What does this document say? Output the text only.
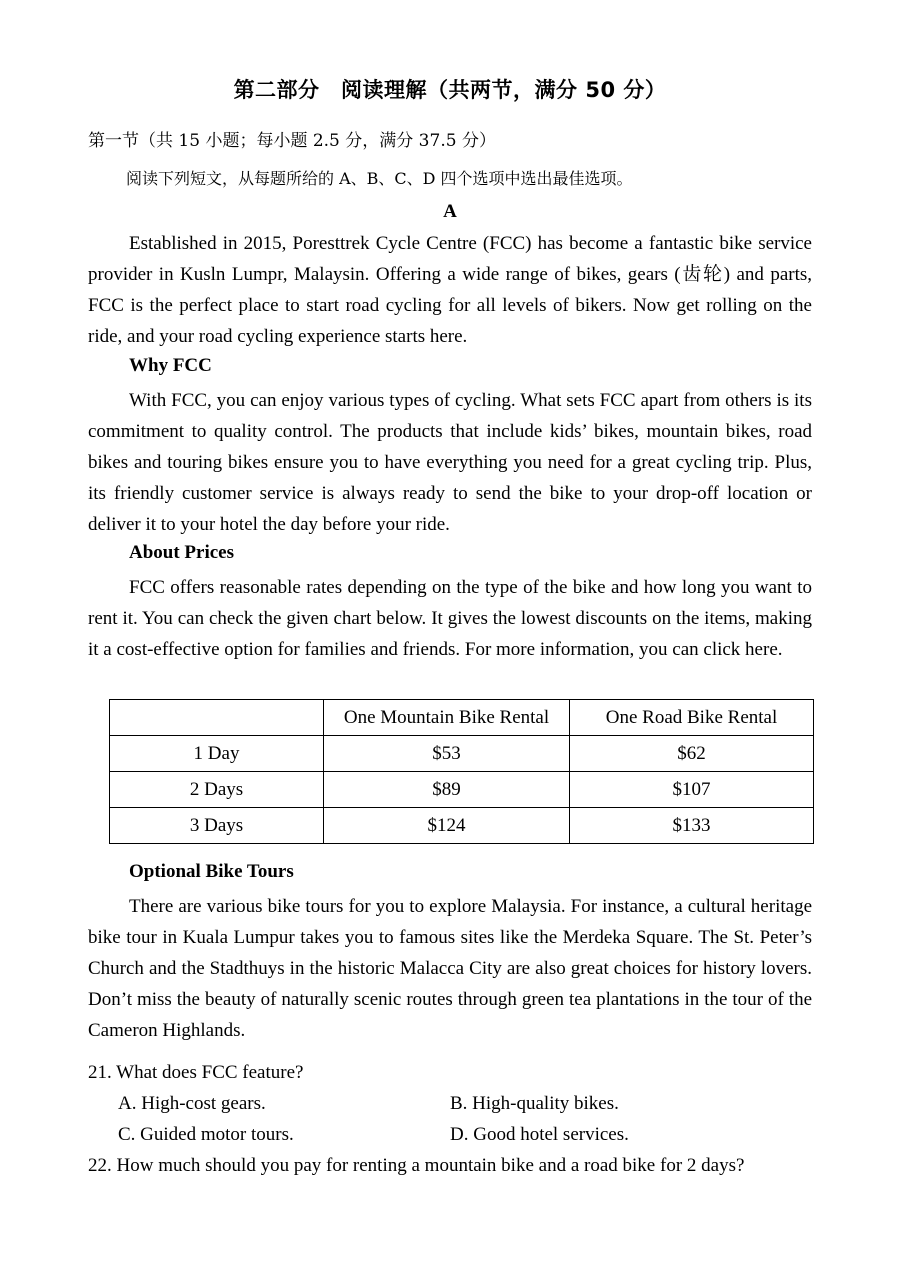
第二部分　阅读理解（共两节，满分 50 分）
第一节（共 15 小题；每小题 2.5 分，满分 37.5 分）
阅读下列短文，从每题所给的 A、B、C、D 四个选项中选出最佳选项。
A

Established in 2015, Poresttrek Cycle Centre (FCC) has become a fantastic bike service provider in Kusln Lumpr, Malaysin. Offering a wide range of bikes, gears (齿轮) and parts, FCC is the perfect place to start road cycling for all levels of bikers. Now get rolling on the ride, and your road cycling experience starts here.

Why FCC

With FCC, you can enjoy various types of cycling. What sets FCC apart from others is its commitment to quality control. The products that include kids’ bikes, mountain bikes, road bikes and touring bikes ensure you to have everything you need for a great cycling trip. Plus, its friendly customer service is always ready to send the bike to your drop-off location or deliver it to your hotel the day before your ride.

About Prices

FCC offers reasonable rates depending on the type of the bike and how long you want to rent it. You can check the given chart below. It gives the lowest discounts on the items, making it a cost-effective option for families and friends. For more information, you can click here.

	One Mountain Bike Rental	One Road Bike Rental
1 Day	$53	$62
2 Days	$89	$107
3 Days	$124	$133
Optional Bike Tours

There are various bike tours for you to explore Malaysia. For instance, a cultural heritage bike tour in Kuala Lumpur takes you to famous sites like the Merdeka Square. The St. Peter’s Church and the Stadthuys in the historic Malacca City are also great choices for history lovers. Don’t miss the beauty of naturally scenic routes through green tea plantations in the tour of the Cameron Highlands.

21. What does FCC feature?
A. High-cost gears.	B. High-quality bikes.
C. Guided motor tours.	D. Good hotel services.
22. How much should you pay for renting a mountain bike and a road bike for 2 days?
